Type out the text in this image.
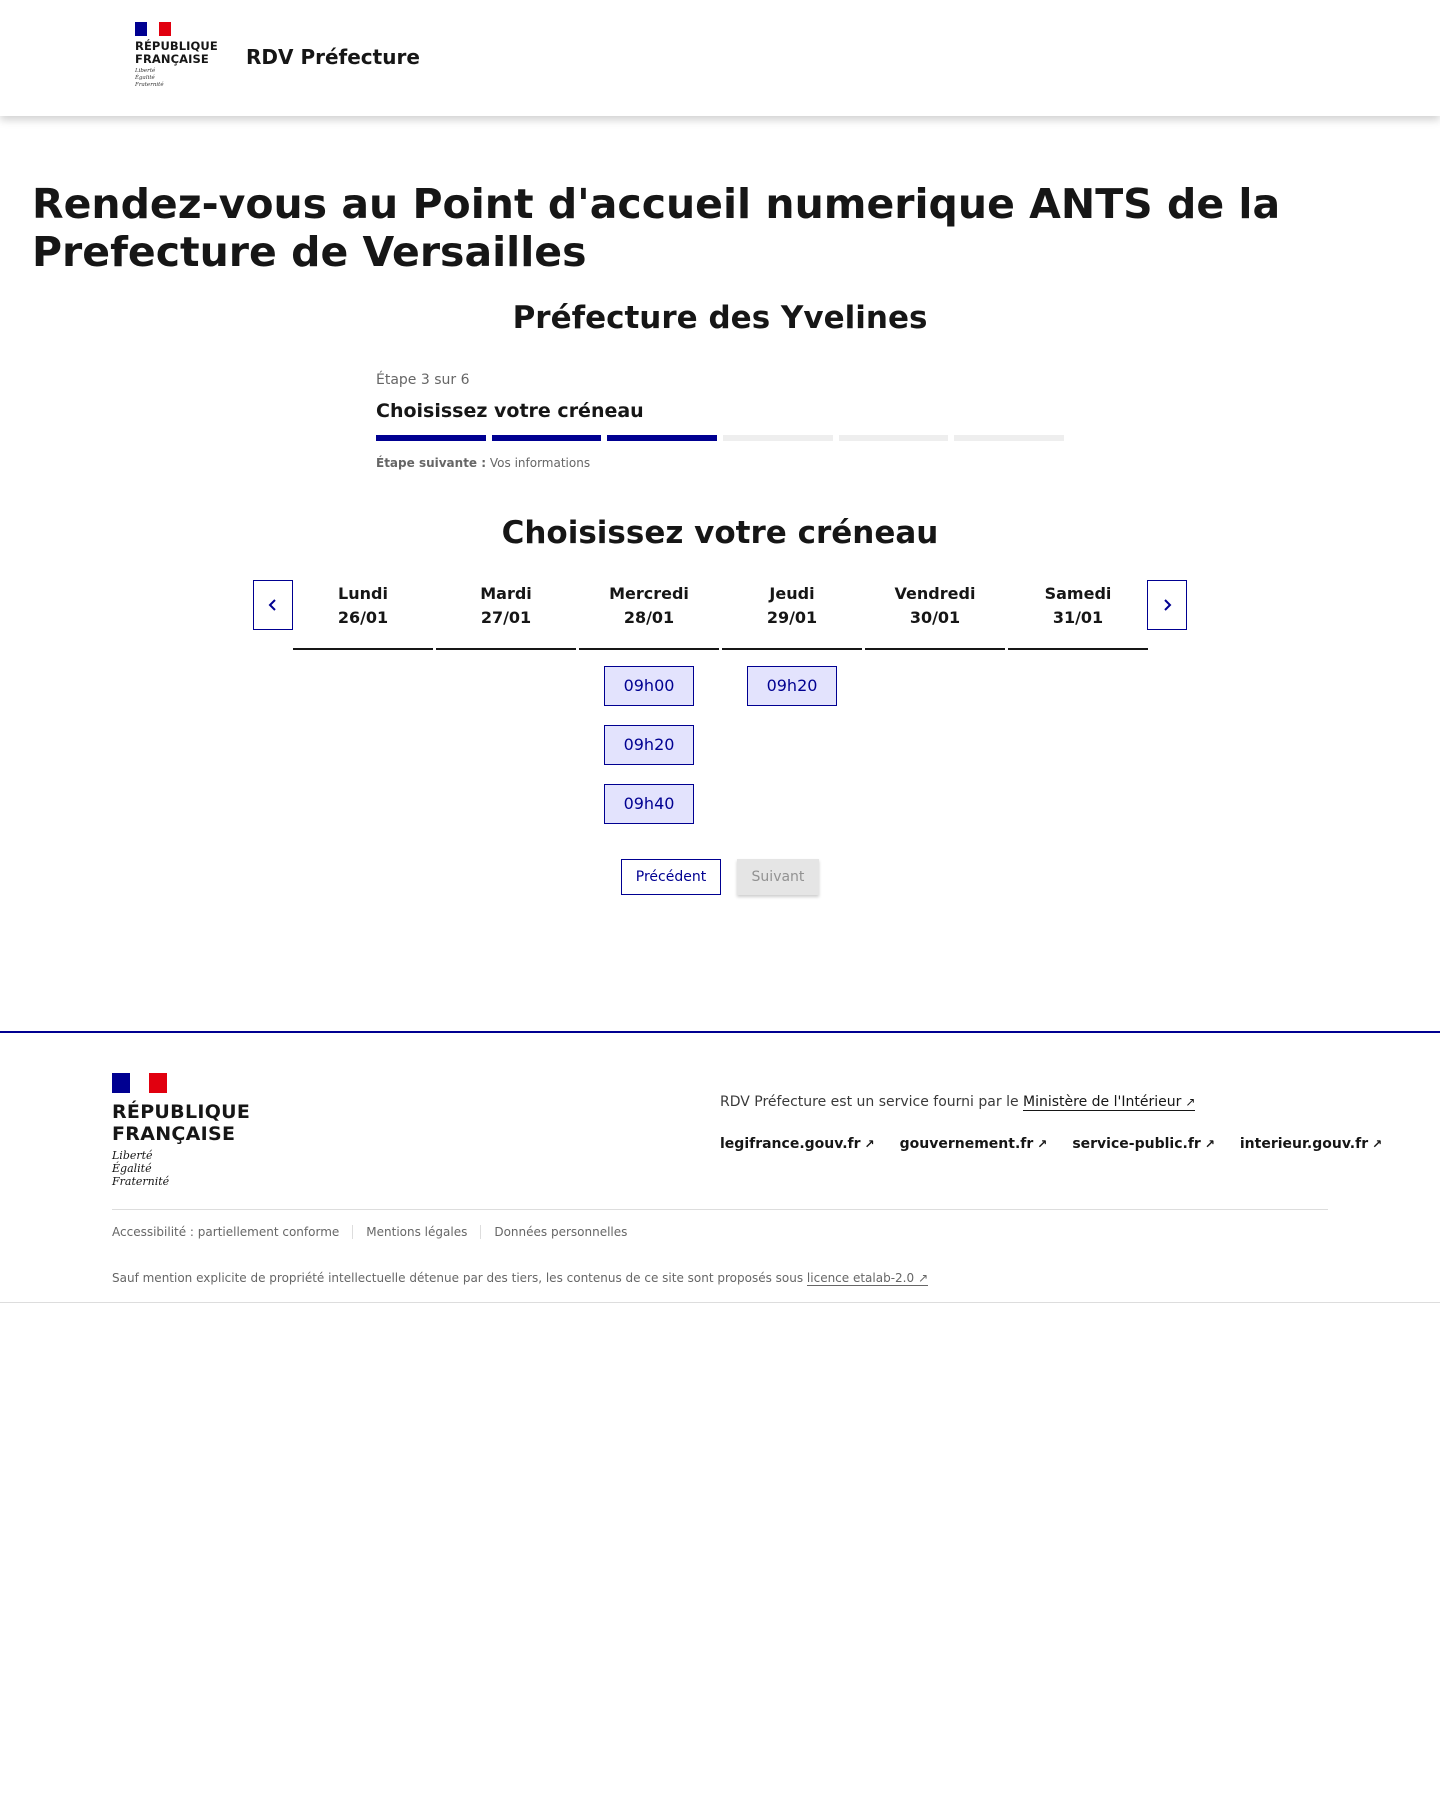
RÉPUBLIQUE
FRANÇAISE
Liberté
Égalité
Fraternité
RDV Préfecture
Rendez-vous au Point d'accueil numerique ANTS de la Prefecture de Versailles
Préfecture des Yvelines
Étape 3 sur 6
Choisissez votre créneau
Étape suivante : Vos informations
Choisissez votre créneau
Lundi
26/01
Mardi
27/01
Mercredi
28/01
09h00
09h20
09h40
Jeudi
29/01
09h20
Vendredi
30/01
Samedi
31/01
Précédent	Suivant
RÉPUBLIQUE
FRANÇAISE
Liberté
Égalité
Fraternité
RDV Préfecture est un service fourni par le Ministère de l'Intérieur ↗
legifrance.gouv.fr ↗ gouvernement.fr ↗ service-public.fr ↗ interieur.gouv.fr ↗
Accessibilité : partiellement conforme	Mentions légales	Données personnelles
Sauf mention explicite de propriété intellectuelle détenue par des tiers, les contenus de ce site sont proposés sous licence etalab-2.0 ↗
